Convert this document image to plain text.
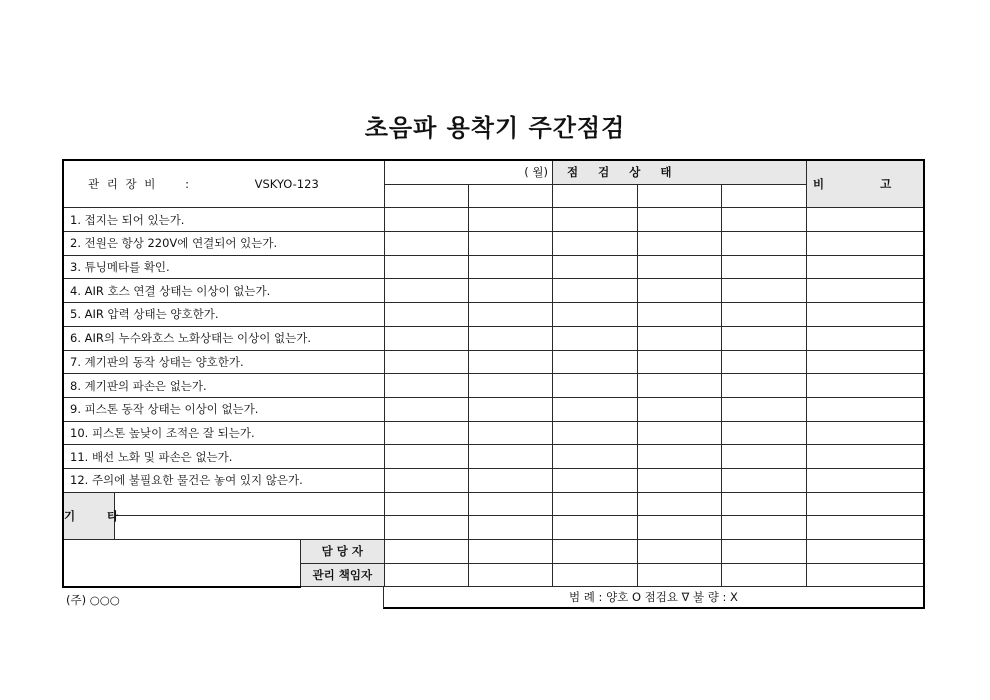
초음파 용착기 주간점검
관 리 장 비 : VSKYO-123			( 월)		점 검 상 태			비 고

1. 접지는 되어 있는가.								
2. 전원은 항상 220V에 연결되어 있는가.								
3. 튜닝메타를 확인.								
4. AIR 호스 연결 상태는 이상이 없는가.								
5. AIR 압력 상태는 양호한가.								
6. AIR의 누수와호스 노화상태는 이상이 없는가.								
7. 계기판의 동작 상태는 양호한가.								
8. 계기판의 파손은 없는가.								
9. 피스톤 동작 상태는 이상이 없는가.								
10. 피스톤 높낮이 조적은 잘 되는가.								
11. 배선 노화 및 파손은 없는가.								
12. 주의에 불필요한 물건은 놓여 있지 않은가.								
기 타								

		담 당 자						
		관리 책임자						
(주) ○○○	범 례 : 양호 O 점검요 ∇ 불 량 : X
